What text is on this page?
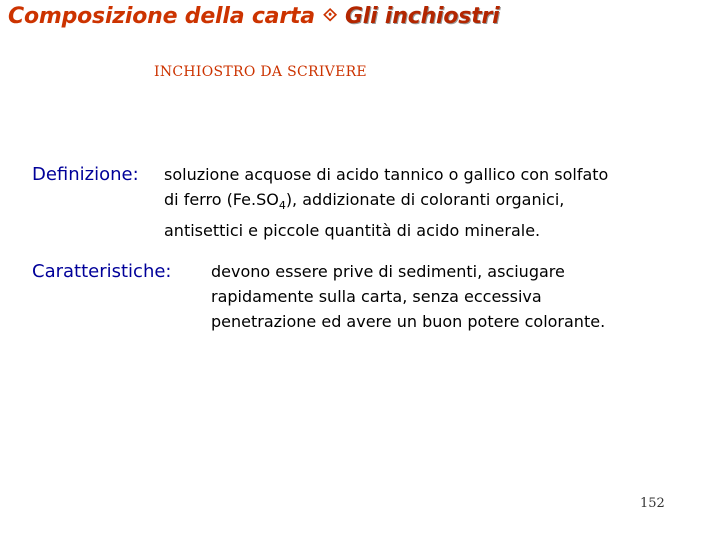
Composizione della carta ⟐ Gli inchiostri
INCHIOSTRO DA SCRIVERE
Definizione: soluzione acquose di acido tannico o gallico con solfato
di ferro $(Fe.SO_4)$, addizionate di coloranti organici,
antisettici e piccole quantità di acido minerale.
Caratteristiche: devono essere prive di sedimenti, asciugare
rapidamente sulla carta, senza eccessiva
penetrazione ed avere un buon potere colorante.
152
